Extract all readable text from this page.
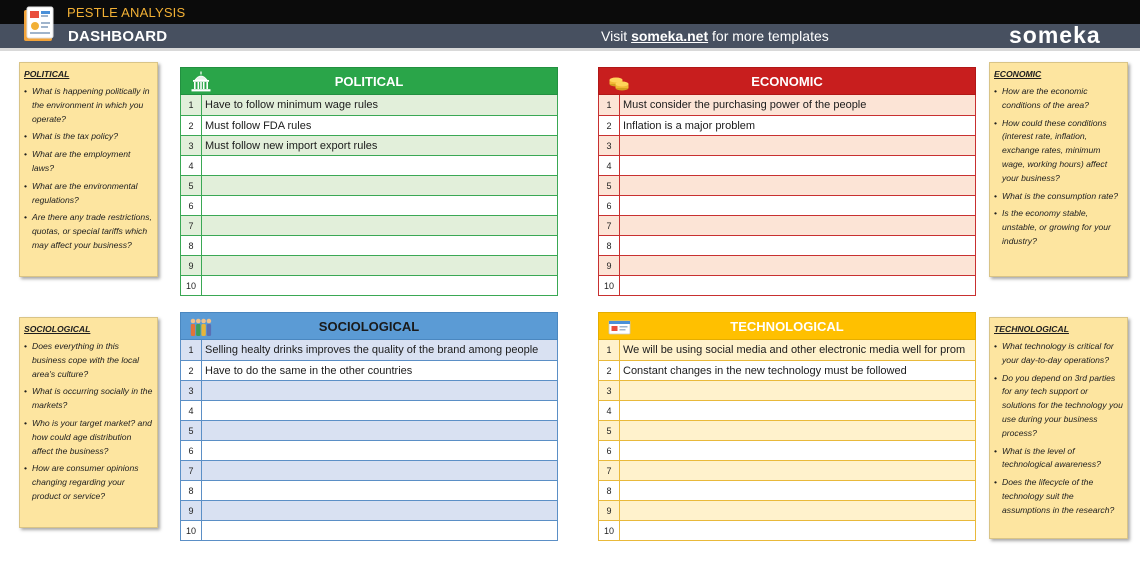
PESTLE ANALYSIS
DASHBOARD	Visit someka.net for more templates	someka
POLITICAL
• What is happening politically in the environment in which you operate?
• What is the tax policy?
• What are the employment laws?
• What are the environmental regulations?
• Are there any trade restrictions, quotas, or special tariffs which may affect your business?
ECONOMIC
• How are the economic conditions of the area?
• How could these conditions (interest rate, inflation, exchange rates, minimum wage, working hours) affect your business?
• What is the consumption rate?
• Is the economy stable, unstable, or growing for your industry?
SOCIOLOGICAL
• Does everything in this business cope with the local area's culture?
• What is occurring socially in the markets?
• Who is your target market? and how could age distribution affect the business?
• How are consumer opinions changing regarding your product or service?
TECHNOLOGICAL
• What technology is critical for your day-to-day operations?
• Do you depend on 3rd parties for any tech support or solutions for the technology you use during your business process?
• What is the level of technological awareness?
• Does the lifecycle of the technology suit the assumptions in the research?
POLITICAL
1	Have to follow minimum wage rules
2	Must follow FDA rules
3	Must follow new import export rules
4
5
6
7
8
9
10
ECONOMIC
1	Must consider the purchasing power of the people
2	Inflation is a major problem
3
4
5
6
7
8
9
10
SOCIOLOGICAL
1	Selling healty drinks improves the quality of the brand among people
2	Have to do the same in the other countries
3
4
5
6
7
8
9
10
TECHNOLOGICAL
1	We will be using social media and other electronic media well for prom
2	Constant changes in the new technology must be followed
3
4
5
6
7
8
9
10
